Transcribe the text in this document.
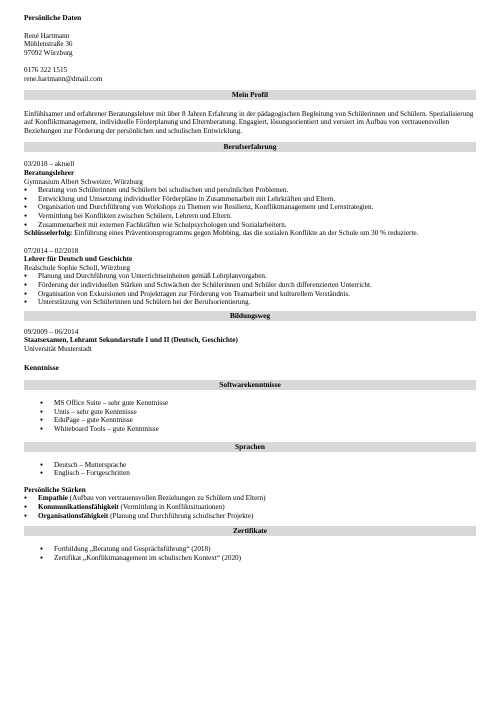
Persönliche Daten
René Hartmann
Mühlenstraße 36
97092 Würzburg
0176 322 1515
rene.hartmann@dmail.com
Mein Profil

Einfühlsamer und erfahrener Beratungslehrer mit über 8 Jahren Erfahrung in der pädagogischen Begleitung von Schülerinnen und Schülern. Spezialisierung auf Konfliktmanagement, individuelle Förderplanung und Elternberatung. Engagiert, lösungsorientiert und versiert im Aufbau von vertrauensvollen Beziehungen zur Förderung der persönlichen und schulischen Entwicklung.

Berufserfahrung
03/2018 – aktuell
Beratungslehrer
Gymnasium Albert Schweizer, Würzburg
● Beratung von Schülerinnen und Schülern bei schulischen und persönlichen Problemen.
● Entwicklung und Umsetzung individueller Förderpläne in Zusammenarbeit mit Lehrkräften und Eltern.
● Organisation und Durchführung von Workshops zu Themen wie Resilienz, Konfliktmanagement und Lernstrategien.
● Vermittlung bei Konflikten zwischen Schülern, Lehrern und Eltern.
● Zusammenarbeit mit externen Fachkräften wie Schulpsychologen und Sozialarbeitern.

Schlüsselerfolg: Einführung eines Präventionsprogramms gegen Mobbing, das die sozialen Konflikte an der Schule um 30 % reduzierte.

07/2014 – 02/2018
Lehrer für Deutsch und Geschichte
Realschule Sophie Scholl, Würzburg
● Planung und Durchführung von Unterrichtseinheiten gemäß Lehrplanvorgaben.
● Förderung der individuellen Stärken und Schwächen der Schülerinnen und Schüler durch differenzierten Unterricht.
● Organisation von Exkursionen und Projekttagen zur Förderung von Teamarbeit und kulturellem Verständnis.
● Unterstützung von Schülerinnen und Schülern bei der Berufsorientierung.
Bildungsweg
09/2009 – 06/2014
Staatsexamen, Lehramt Sekundarstufe I und II (Deutsch, Geschichte)
Universität Musterstadt
Kenntnisse
Softwarekenntnisse
● MS Office Suite – sehr gute Kenntnisse
● Untis – sehr gute Kenntnisse
● EduPage – gute Kenntnisse
● Whiteboard Tools – gute Kenntnisse
Sprachen
● Deutsch – Muttersprache
● Englisch – Fortgeschritten
Persönliche Stärken
● Empathie (Aufbau von vertrauensvollen Beziehungen zu Schülern und Eltern)
● Kommunikationsfähigkeit (Vermittlung in Konfliktsituationen)
● Organisationsfähigkeit (Planung und Durchführung schulischer Projekte)
Zertifikate
● Fortbildung „Beratung und Gesprächsführung“ (2018)
● Zertifikat „Konfliktmanagement im schulischen Kontext“ (2020)
